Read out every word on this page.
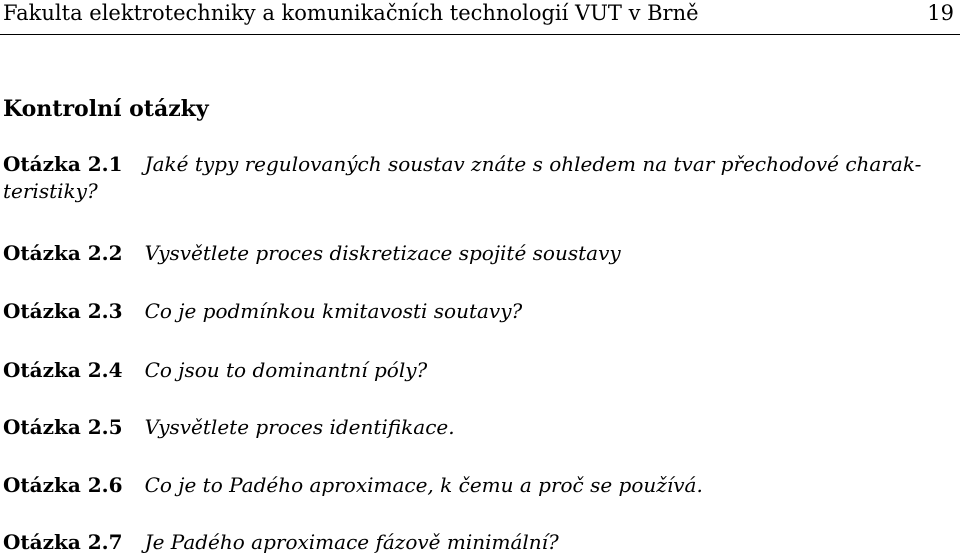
Fakulta elektrotechniky a komunikačních technologií VUT v Brně	19
Kontrolní otázky
Otázka 2.1 Jaké typy regulovaných soustav znáte s ohledem na tvar přechodové charak-teristiky?
Otázka 2.2 Vysvětlete proces diskretizace spojité soustavy
Otázka 2.3 Co je podmínkou kmitavosti soutavy?
Otázka 2.4 Co jsou to dominantní póly?
Otázka 2.5 Vysvětlete proces identifikace.
Otázka 2.6 Co je to Padého aproximace, k čemu a proč se používá.
Otázka 2.7 Je Padého aproximace fázově minimální?
